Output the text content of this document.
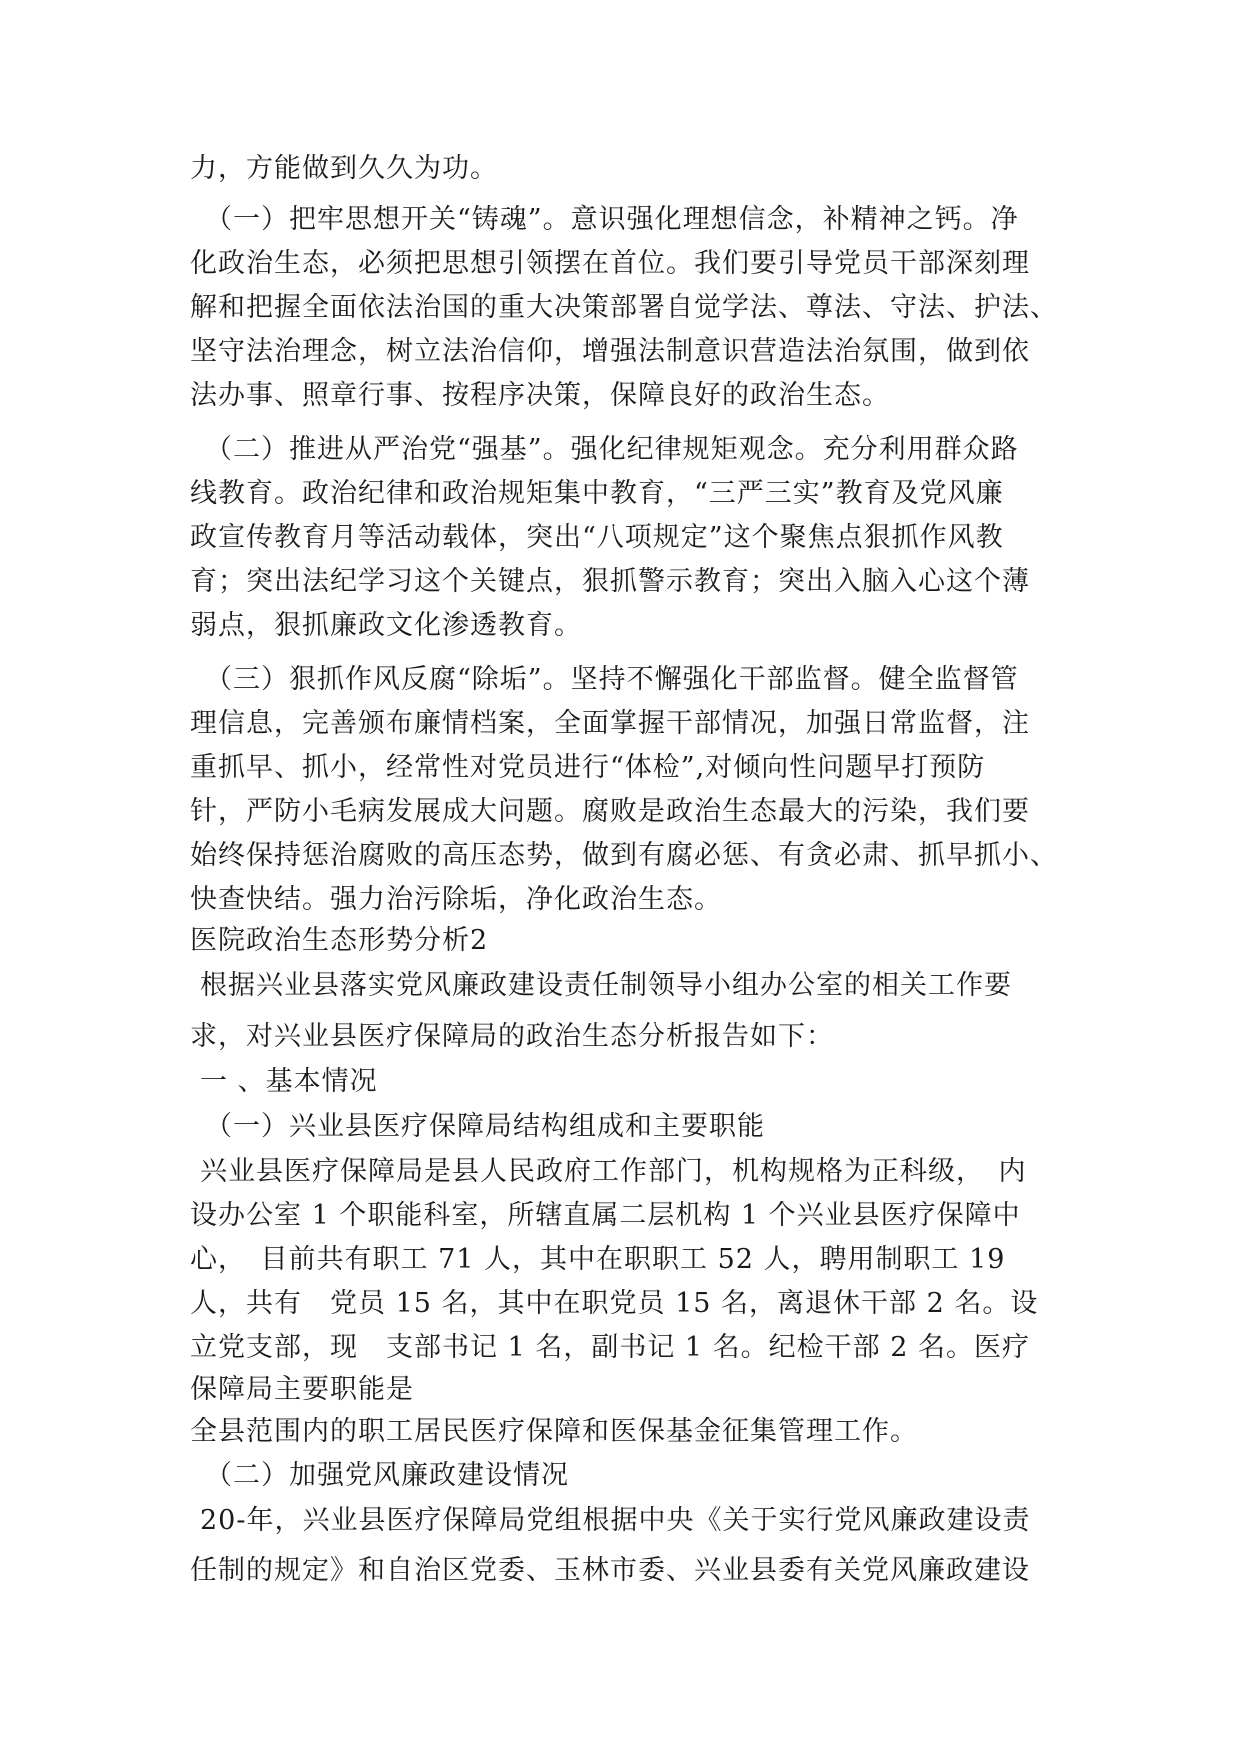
力，方能做到久久为功。
（一）把牢思想开关“铸魂”。意识强化理想信念，补精神之钙。净
化政治生态，必须把思想引领摆在首位。我们要引导党员干部深刻理
解和把握全面依法治国的重大决策部署自觉学法、尊法、守法、护法、
坚守法治理念，树立法治信仰，增强法制意识营造法治氛围，做到依
法办事、照章行事、按程序决策，保障良好的政治生态。
（二）推进从严治党“强基”。强化纪律规矩观念。充分利用群众路
线教育。政治纪律和政治规矩集中教育，“三严三实”教育及党风廉
政宣传教育月等活动载体，突出“八项规定”这个聚焦点狠抓作风教
育；突出法纪学习这个关键点，狠抓警示教育；突出入脑入心这个薄
弱点，狠抓廉政文化渗透教育。
（三）狠抓作风反腐“除垢”。坚持不懈强化干部监督。健全监督管
理信息，完善颁布廉情档案，全面掌握干部情况，加强日常监督，注
重抓早、抓小，经常性对党员进行“体检”,对倾向性问题早打预防
针，严防小毛病发展成大问题。腐败是政治生态最大的污染，我们要
始终保持惩治腐败的高压态势，做到有腐必惩、有贪必肃、抓早抓小、
快查快结。强力治污除垢，净化政治生态。
医院政治生态形势分析2
根据兴业县落实党风廉政建设责任制领导小组办公室的相关工作要
求，对兴业县医疗保障局的政治生态分析报告如下：
一 、基本情况
（一）兴业县医疗保障局结构组成和主要职能
兴业县医疗保障局是县人民政府工作部门，机构规格为正科级，　内
设办公室 1 个职能科室，所辖直属二层机构 1 个兴业县医疗保障中
心，　目前共有职工 71 人，其中在职职工 52 人，聘用制职工 19
人，共有　党员 15 名，其中在职党员 15 名，离退休干部 2 名。设
立党支部，现　支部书记 1 名，副书记 1 名。纪检干部 2 名。医疗
保障局主要职能是
全县范围内的职工居民医疗保障和医保基金征集管理工作。
（二）加强党风廉政建设情况
20-年，兴业县医疗保障局党组根据中央《关于实行党风廉政建设责
任制的规定》和自治区党委、玉林市委、兴业县委有关党风廉政建设
